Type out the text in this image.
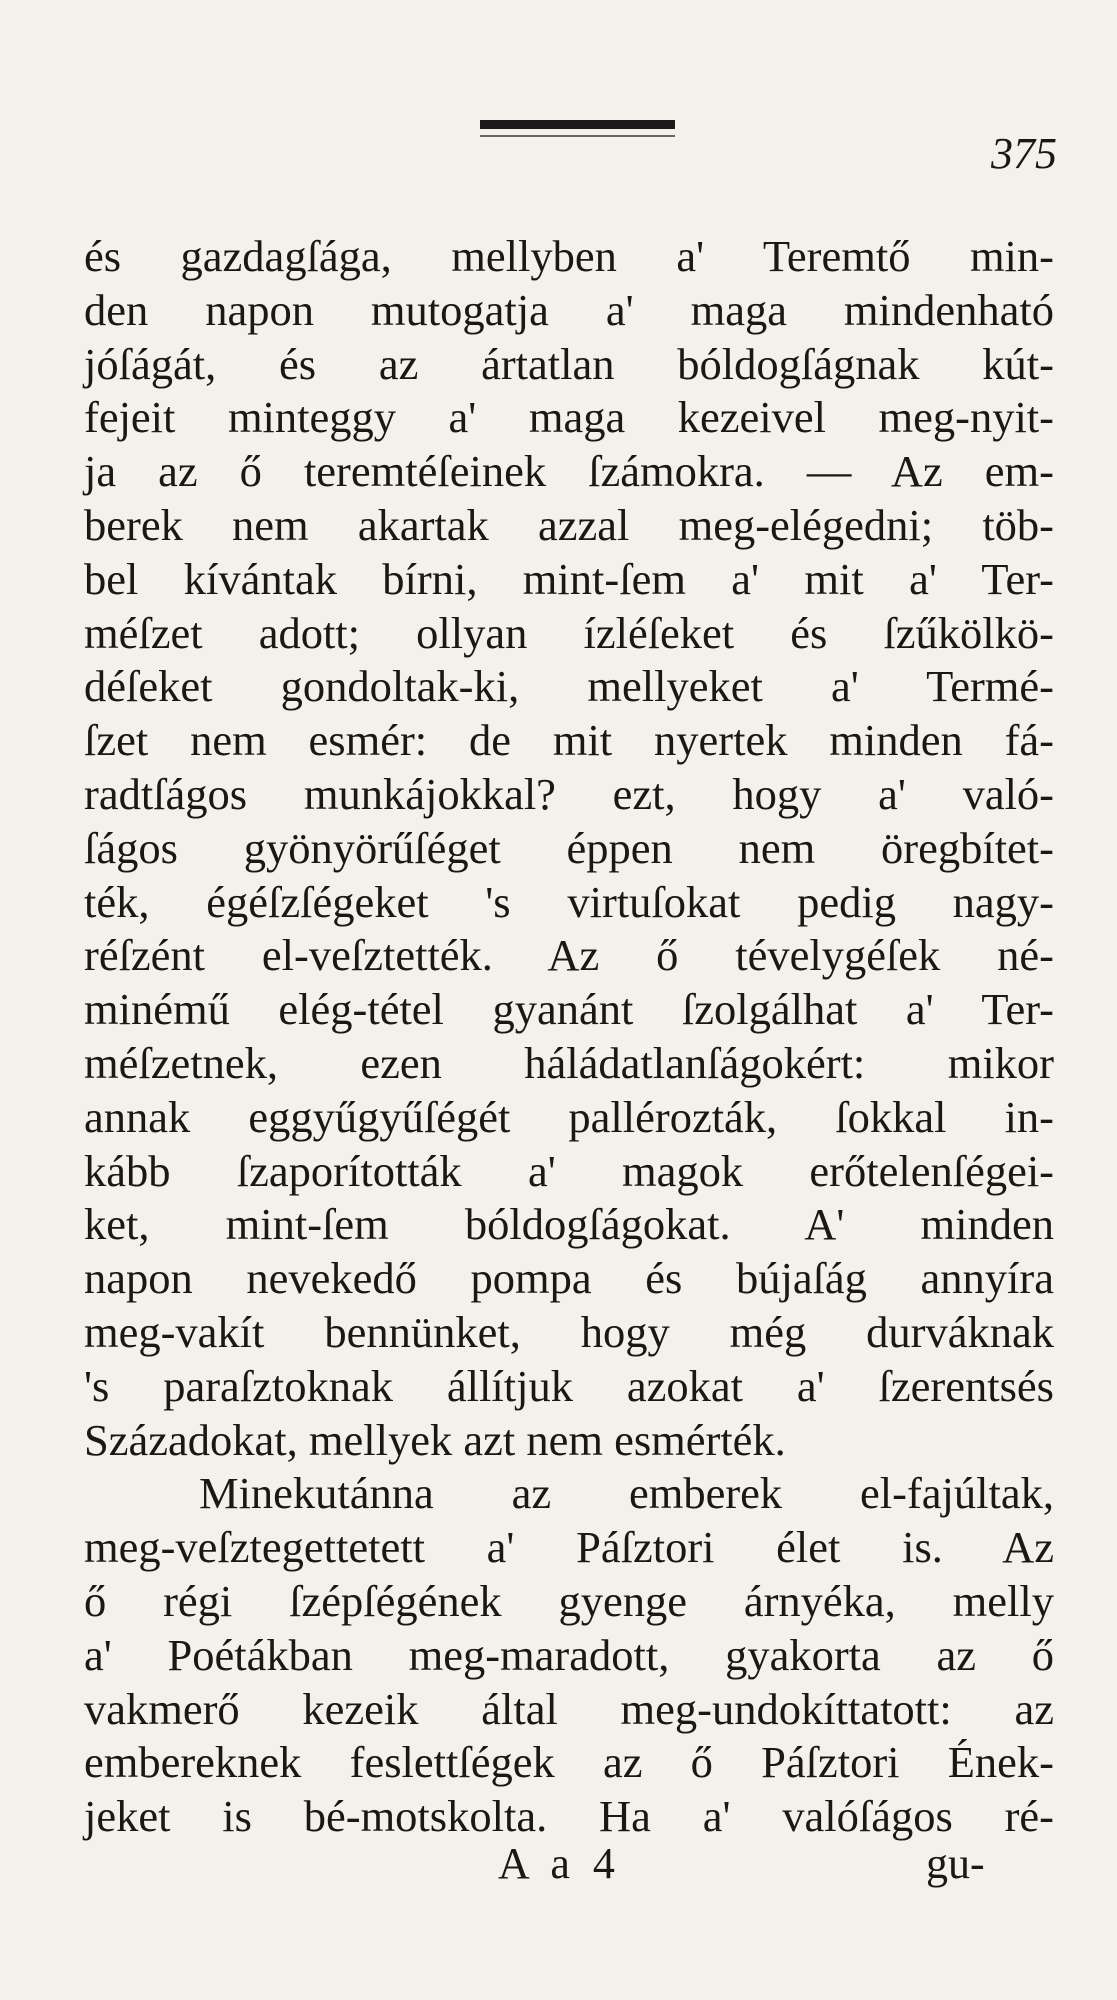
375
és gazdagſága, mellyben a' Teremtő min-
den napon mutogatja a' maga mindenható
jóſágát, és az ártatlan bóldogſágnak kút-
fejeit minteggy a' maga kezeivel meg-nyit-
ja az ő teremtéſeinek ſzámokra. — Az em-
berek nem akartak azzal meg-elégedni; töb-
bel kívántak bírni, mint-ſem a' mit a' Ter-
méſzet adott; ollyan ízléſeket és ſzűkölkö-
déſeket gondoltak-ki, mellyeket a' Termé-
ſzet nem esmér: de mit nyertek minden fá-
radtſágos munkájokkal? ezt, hogy a' való-
ſágos gyönyörűſéget éppen nem öregbítet-
ték, égéſzſégeket 's virtuſokat pedig nagy-
réſzént el-veſztették. Az ő tévelygéſek né-
minémű elég-tétel gyanánt ſzolgálhat a' Ter-
méſzetnek, ezen háládatlanſágokért: mikor
annak eggyűgyűſégét pallérozták, ſokkal in-
kább ſzaporították a' magok erőtelenſégei-
ket, mint-ſem bóldogſágokat. A' minden
napon nevekedő pompa és bújaſág annyíra
meg-vakít bennünket, hogy még durváknak
's paraſztoknak állítjuk azokat a' ſzerentsés
Századokat, mellyek azt nem esmérték.
Minekutánna az emberek el-fajúltak,
meg-veſztegettetett a' Páſztori élet is. Az
ő régi ſzépſégének gyenge árnyéka, melly
a' Poétákban meg-maradott, gyakorta az ő
vakmerő kezeik által meg-undokíttatott: az
embereknek feslettſégek az ő Páſztori Ének-
jeket is bé-motskolta. Ha a' valóſágos ré-
A a 4	gu-
